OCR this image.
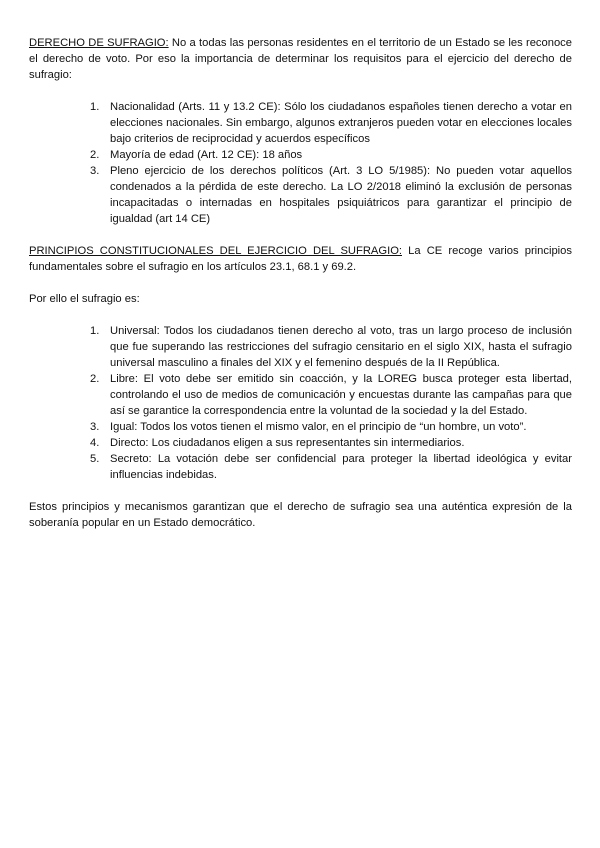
DERECHO DE SUFRAGIO: No a todas las personas residentes en el territorio de un Estado se les reconoce el derecho de voto. Por eso la importancia de determinar los requisitos para el ejercicio del derecho de sufragio:

1. Nacionalidad (Arts. 11 y 13.2 CE): Sólo los ciudadanos españoles tienen derecho a votar en elecciones nacionales. Sin embargo, algunos extranjeros pueden votar en elecciones locales bajo criterios de reciprocidad y acuerdos específicos
2. Mayoría de edad (Art. 12 CE): 18 años
3. Pleno ejercicio de los derechos políticos (Art. 3 LO 5/1985): No pueden votar aquellos condenados a la pérdida de este derecho. La LO 2/2018 eliminó la exclusión de personas incapacitadas o internadas en hospitales psiquiátricos para garantizar el principio de igualdad (art 14 CE)

PRINCIPIOS CONSTITUCIONALES DEL EJERCICIO DEL SUFRAGIO: La CE recoge varios principios fundamentales sobre el sufragio en los artículos 23.1, 68.1 y 69.2.

Por ello el sufragio es:

1. Universal: Todos los ciudadanos tienen derecho al voto, tras un largo proceso de inclusión que fue superando las restricciones del sufragio censitario en el siglo XIX, hasta el sufragio universal masculino a finales del XIX y el femenino después de la II República.
2. Libre: El voto debe ser emitido sin coacción, y la LOREG busca proteger esta libertad, controlando el uso de medios de comunicación y encuestas durante las campañas para que así se garantice la correspondencia entre la voluntad de la sociedad y la del Estado.
3. Igual: Todos los votos tienen el mismo valor, en el principio de “un hombre, un voto”.
4. Directo: Los ciudadanos eligen a sus representantes sin intermediarios.
5. Secreto: La votación debe ser confidencial para proteger la libertad ideológica y evitar influencias indebidas.

Estos principios y mecanismos garantizan que el derecho de sufragio sea una auténtica expresión de la soberanía popular en un Estado democrático.
